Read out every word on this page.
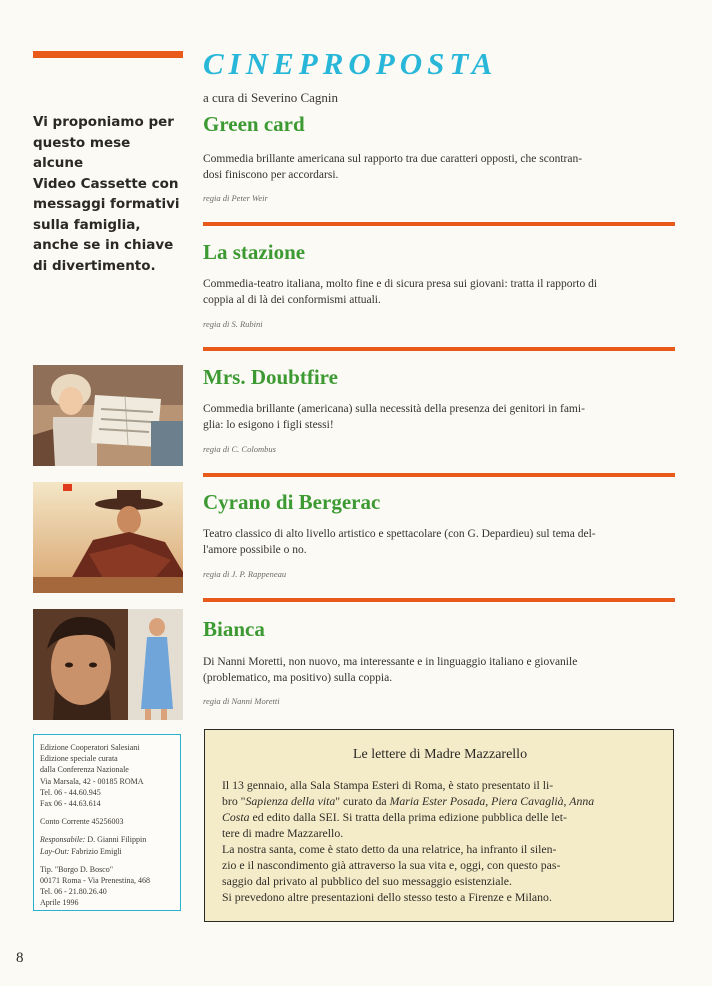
Vi proponiamo per
questo mese alcune
Video Cassette con
messaggi formativi
sulla famiglia,
anche se in chiave
di divertimento.
CINEPROPOSTA
a cura di Severino Cagnin
Green card
Commedia brillante americana sul rapporto tra due caratteri opposti, che scontran-
dosi finiscono per accordarsi.
regia di Peter Weir
La stazione
Commedia-teatro italiana, molto fine e di sicura presa sui giovani: tratta il rapporto di
coppia al di là dei conformismi attuali.
regia di S. Rubini
Mrs. Doubtfire
Commedia brillante (americana) sulla necessità della presenza dei genitori in fami-
glia: lo esigono i figli stessi!
regia di C. Colombus
Cyrano di Bergerac
Teatro classico di alto livello artistico e spettacolare (con G. Depardieu) sul tema del-
l'amore possibile o no.
regia di J. P. Rappeneau
Bianca
Di Nanni Moretti, non nuovo, ma interessante e in linguaggio italiano e giovanile
(problematico, ma positivo) sulla coppia.
regia di Nanni Moretti

Edizione Cooperatori Salesiani

Edizione speciale curata

dalla Conferenza Nazionale

Via Marsala, 42 - 00185 ROMA

Tel. 06 - 44.60.945

Fax 06 - 44.63.614

Conto Corrente 45256003

Responsabile: D. Gianni Filippin

Lay-Out: Fabrizio Emigli

Tip. "Borgo D. Bosco"

00171 Roma - Via Prenestina, 468

Tel. 06 - 21.80.26.40

Aprile 1996

Le lettere di Madre Mazzarello

Il 13 gennaio, alla Sala Stampa Esteri di Roma, è stato presentato il li-

bro "Sapienza della vita" curato da Maria Ester Posada, Piera Cavaglià, Anna

Costa ed edito dalla SEI. Si tratta della prima edizione pubblica delle let-

tere di madre Mazzarello.

La nostra santa, come è stato detto da una relatrice, ha infranto il silen-

zio e il nascondimento già attraverso la sua vita e, oggi, con questo pas-

saggio dal privato al pubblico del suo messaggio esistenziale.

Si prevedono altre presentazioni dello stesso testo a Firenze e Milano.

8
